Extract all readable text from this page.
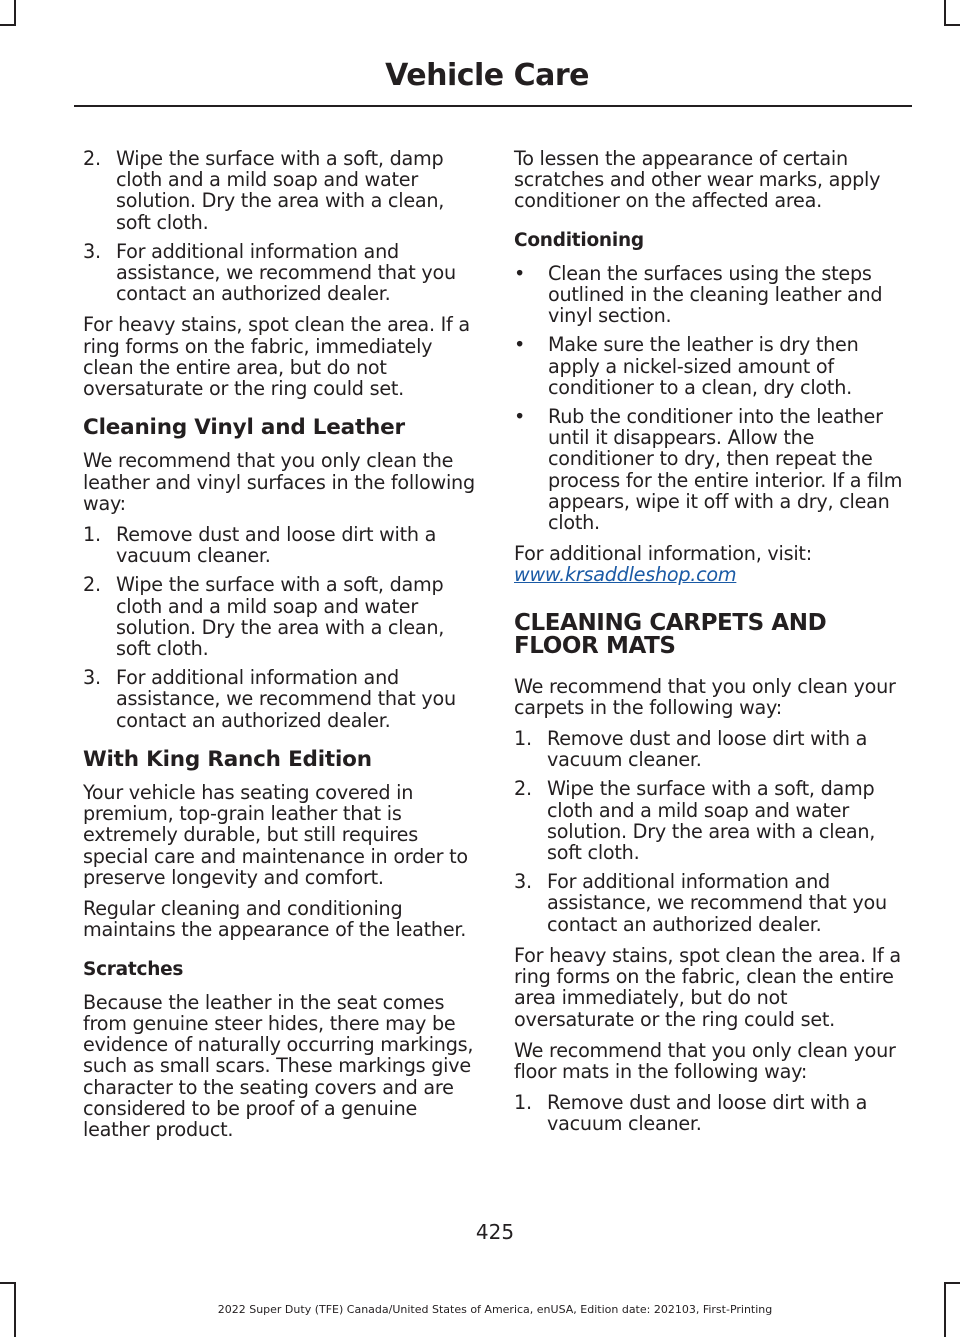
Vehicle Care
2. Wipe the surface with a soft, damp cloth and a mild soap and water solution. Dry the area with a clean, soft cloth.
3. For additional information and assistance, we recommend that you contact an authorized dealer.

For heavy stains, spot clean the area. If a ring forms on the fabric, immediately clean the entire area, but do not oversaturate or the ring could set.

Cleaning Vinyl and Leather

We recommend that you only clean the leather and vinyl surfaces in the following way:

1. Remove dust and loose dirt with a vacuum cleaner.
2. Wipe the surface with a soft, damp cloth and a mild soap and water solution. Dry the area with a clean, soft cloth.
3. For additional information and assistance, we recommend that you contact an authorized dealer.
With King Ranch Edition

Your vehicle has seating covered in premium, top-grain leather that is extremely durable, but still requires special care and maintenance in order to preserve longevity and comfort.

Regular cleaning and conditioning maintains the appearance of the leather.

Scratches

Because the leather in the seat comes from genuine steer hides, there may be evidence of naturally occurring markings, such as small scars. These markings give character to the seating covers and are considered to be proof of a genuine leather product.

To lessen the appearance of certain scratches and other wear marks, apply conditioner on the affected area.

Conditioning
• Clean the surfaces using the steps outlined in the cleaning leather and vinyl section.
• Make sure the leather is dry then apply a nickel-sized amount of conditioner to a clean, dry cloth.
• Rub the conditioner into the leather until it disappears. Allow the conditioner to dry, then repeat the process for the entire interior. If a film appears, wipe it off with a dry, clean cloth.

For additional information, visit:
www.krsaddleshop.com

CLEANING CARPETS AND FLOOR MATS

We recommend that you only clean your carpets in the following way:

1. Remove dust and loose dirt with a vacuum cleaner.
2. Wipe the surface with a soft, damp cloth and a mild soap and water solution. Dry the area with a clean, soft cloth.
3. For additional information and assistance, we recommend that you contact an authorized dealer.

For heavy stains, spot clean the area. If a ring forms on the fabric, clean the entire area immediately, but do not oversaturate or the ring could set.

We recommend that you only clean your floor mats in the following way:

1. Remove dust and loose dirt with a vacuum cleaner.
425
2022 Super Duty (TFE) Canada/United States of America, enUSA, Edition date: 202103, First-Printing
